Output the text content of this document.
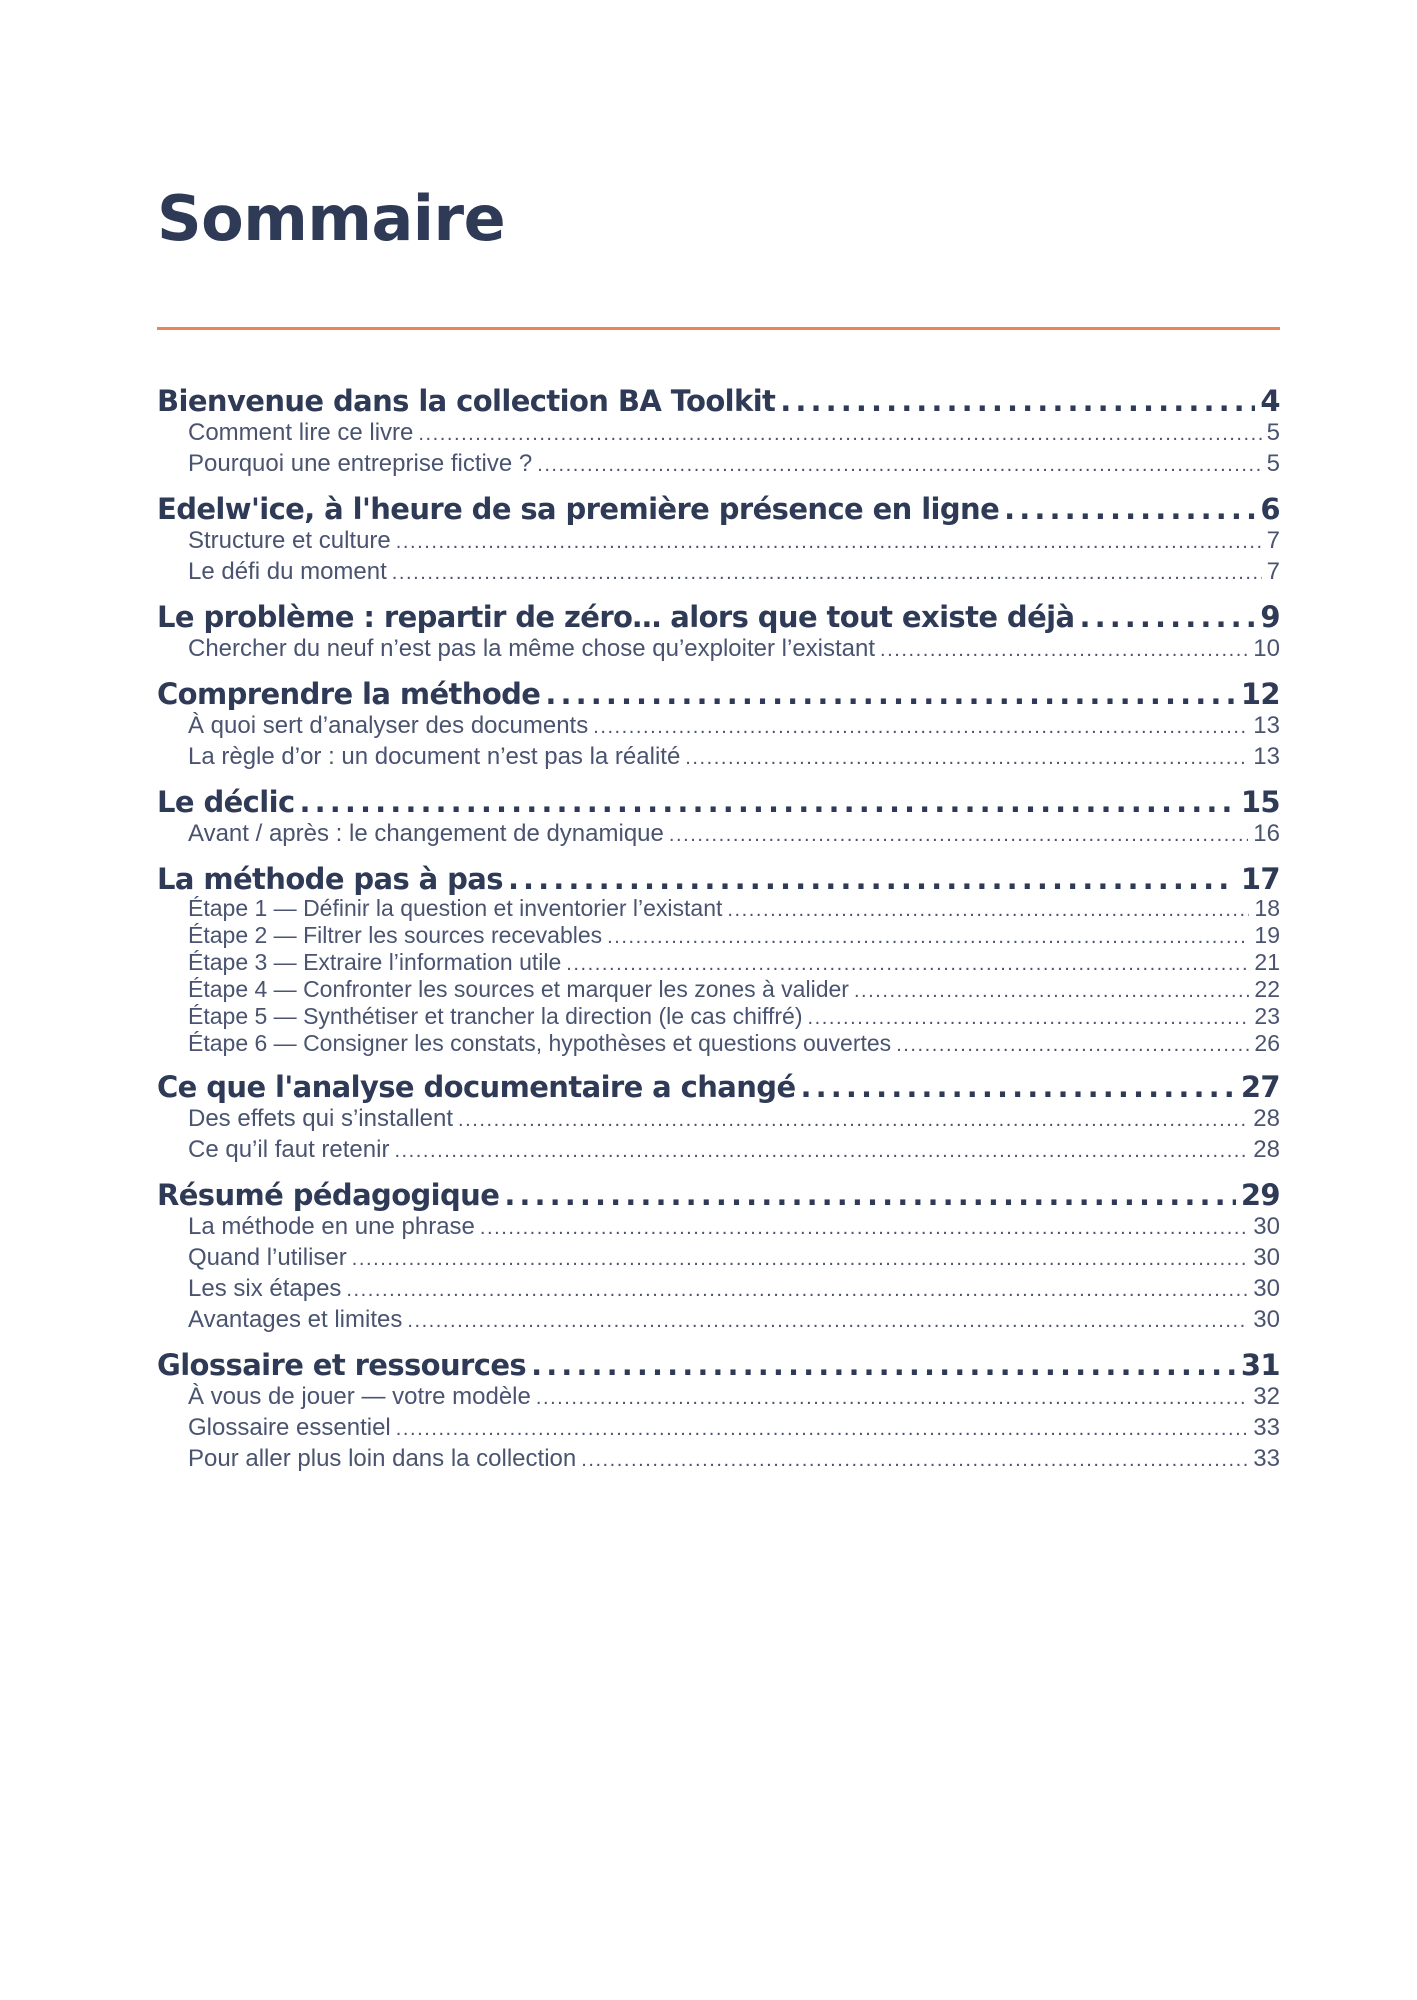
Sommaire
Bienvenue dans la collection BA Toolkit . . .	4
Comment lire ce livre . . .	5
Pourquoi une entreprise fictive ? . . .	5
Edelw'ice, à l'heure de sa première présence en ligne . . .	6
Structure et culture . . .	7
Le défi du moment . . .	7
Le problème : repartir de zéro… alors que tout existe déjà . . .	9
Chercher du neuf n’est pas la même chose qu’exploiter l’existant . . .	10
Comprendre la méthode . . .	12
À quoi sert d’analyser des documents . . .	13
La règle d’or : un document n’est pas la réalité . . .	13
Le déclic . . .	15
Avant / après : le changement de dynamique . . .	16
La méthode pas à pas . . .	17
Étape 1 — Définir la question et inventorier l’existant . . .	18
Étape 2 — Filtrer les sources recevables . . .	19
Étape 3 — Extraire l’information utile . . .	21
Étape 4 — Confronter les sources et marquer les zones à valider . . .	22
Étape 5 — Synthétiser et trancher la direction (le cas chiffré) . . .	23
Étape 6 — Consigner les constats, hypothèses et questions ouvertes . . .	26
Ce que l'analyse documentaire a changé . . .	27
Des effets qui s’installent . . .	28
Ce qu’il faut retenir . . .	28
Résumé pédagogique . . .	29
La méthode en une phrase . . .	30
Quand l’utiliser . . .	30
Les six étapes . . .	30
Avantages et limites . . .	30
Glossaire et ressources . . .	31
À vous de jouer — votre modèle . . .	32
Glossaire essentiel . . .	33
Pour aller plus loin dans la collection . . .	33
